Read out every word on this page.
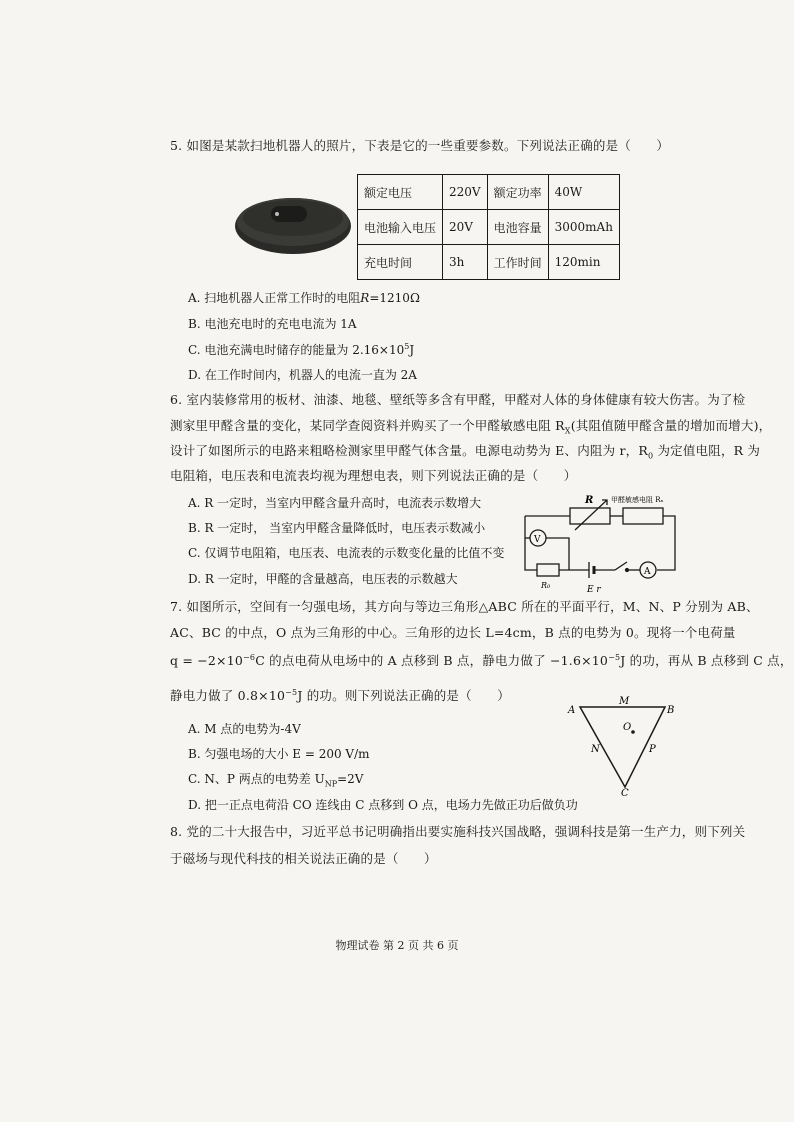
5. 如图是某款扫地机器人的照片，下表是它的一些重要参数。下列说法正确的是（　　）
额定电压	220V	额定功率	40W
电池输入电压	20V	电池容量	3000mAh
充电时间	3h	工作时间	120min
A. 扫地机器人正常工作时的电阻R=1210Ω
B. 电池充电时的充电电流为 1A
C. 电池充满电时储存的能量为 $2.16\times 10^5J$
D. 在工作时间内，机器人的电流一直为 2A
6. 室内装修常用的板材、油漆、地毯、壁纸等多含有甲醛，甲醛对人体的身体健康有较大伤害。为了检
测家里甲醛含量的变化，某同学查阅资料并购买了一个甲醛敏感电阻 $R_X$(其阻值随甲醛含量的增加而增大)，
设计了如图所示的电路来粗略检测家里甲醛气体含量。电源电动势为 E、内阻为 r，$R_0$ 为定值电阻，R 为
电阻箱，电压表和电流表均视为理想电表，则下列说法正确的是（　　）
A. R 一定时，当室内甲醛含量升高时，电流表示数增大
B. R 一定时， 当室内甲醛含量降低时，电压表示数减小
C. 仅调节电阻箱，电压表、电流表的示数变化量的比值不变
D. R 一定时，甲醛的含量越高，电压表的示数越大
R	甲醛敏感电阻 Rₓ
V
A
R₀	E r
7. 如图所示，空间有一匀强电场，其方向与等边三角形△ABC 所在的平面平行，M、N、P 分别为 AB、
AC、BC 的中点，O 点为三角形的中心。三角形的边长 L=4cm，B 点的电势为 0。现将一个电荷量
$q = -2\times 10^{-6}C$ 的点电荷从电场中的 A 点移到 B 点，静电力做了 $-1.6\times 10^{-5}J$ 的功，再从 B 点移到 C 点，
静电力做了 $0.8\times 10^{-5}J$ 的功。则下列说法正确的是（　　）
A. M 点的电势为-4V
B. 匀强电场的大小 E = 200 V/m
C. N、P 两点的电势差 $U_{NP}=2V$
D. 把一正点电荷沿 CO 连线由 C 点移到 O 点，电场力先做正功后做负功
A	B
C
M
N	P
O
8. 党的二十大报告中，习近平总书记明确指出要实施科技兴国战略，强调科技是第一生产力，则下列关
于磁场与现代科技的相关说法正确的是（　　）
物理试卷 第 2 页 共 6 页
